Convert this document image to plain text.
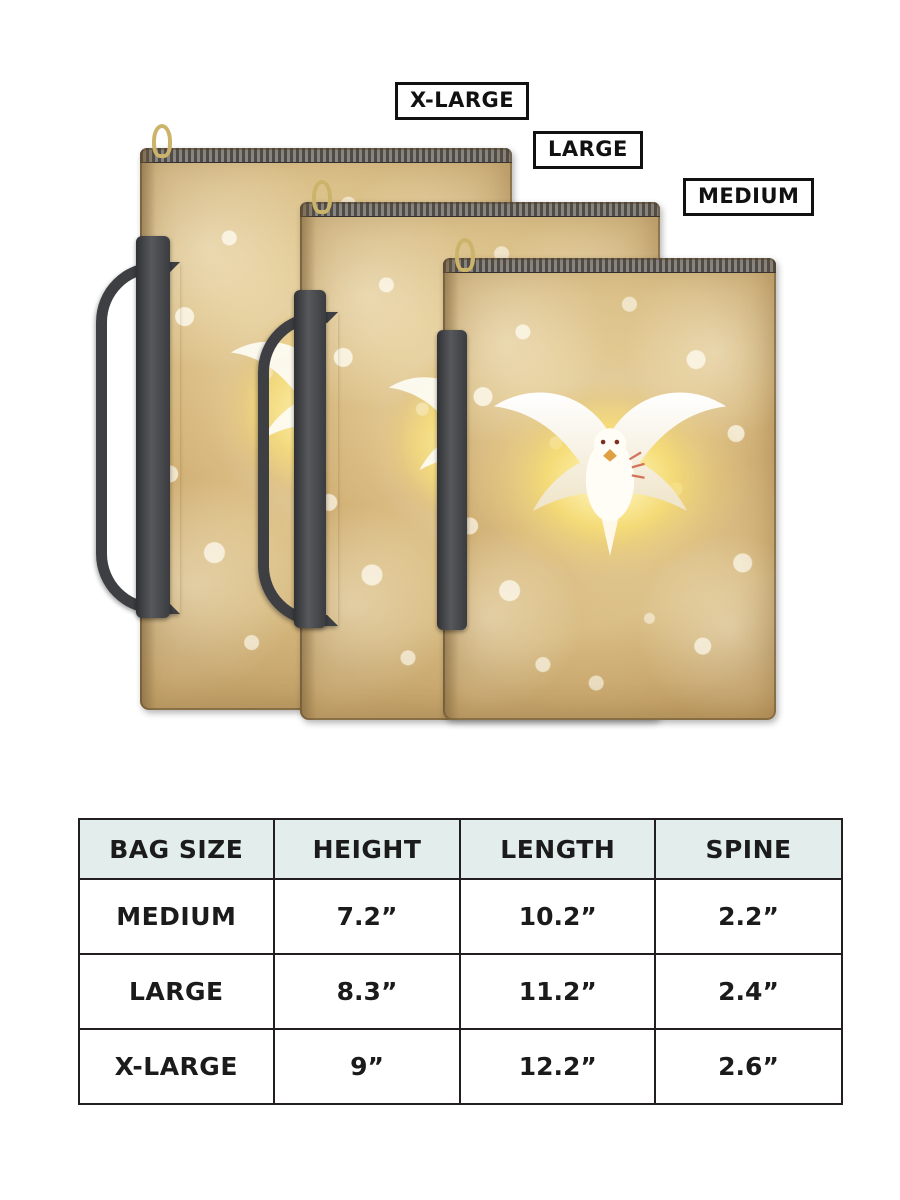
X-LARGE
LARGE
MEDIUM
BAG SIZE	HEIGHT	LENGTH	SPINE
MEDIUM	7.2”	10.2”	2.2”
LARGE	8.3”	11.2”	2.4”
X-LARGE	9”	12.2”	2.6”
